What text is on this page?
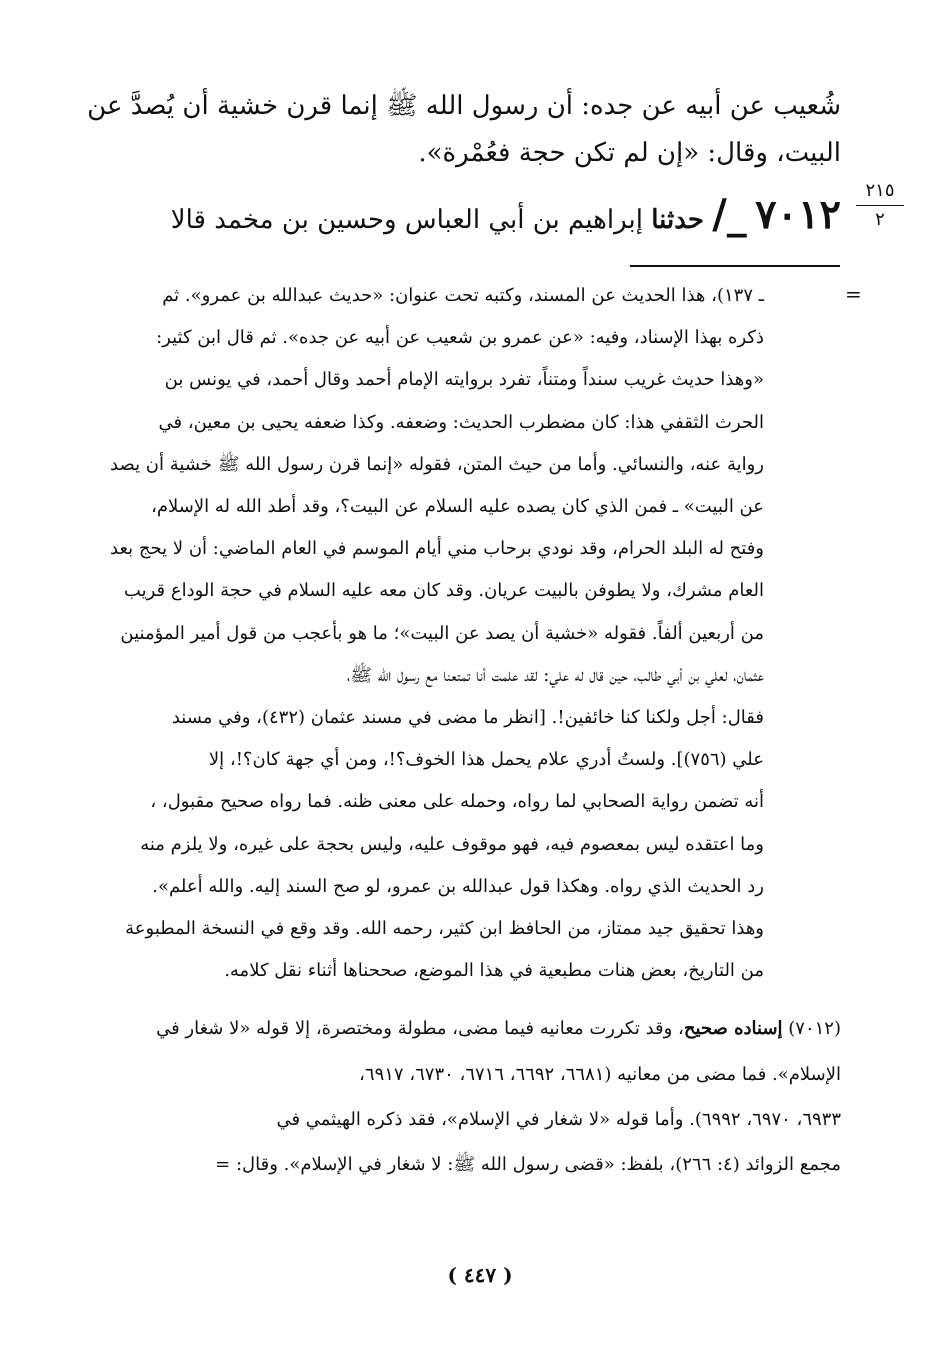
شُعيب عن أبيه عن جده: أن رسول الله ﷺ إنما قرن خشية أن يُصدَّ عن
البيت، وقال: «إن لم تكن حجة فعُمْرة».
٧٠١٢ _/ حدثنا إبراهيم بن أبي العباس وحسين بن مخمد قالا
٢١٥
٢
=
ـ ١٣٧)، هذا الحديث عن المسند، وكتبه تحت عنوان: «حديث عبدالله بن عمرو». ثم
ذكره بهذا الإسناد، وفيه: «عن عمرو بن شعيب عن أبيه عن جده». ثم قال ابن كثير:
«وهذا حديث غريب سنداً ومتناً، تفرد بروايته الإمام أحمد وقال أحمد، في يونس بن
الحرث الثقفي هذا: كان مضطرب الحديث: وضعفه. وكذا ضعفه يحيى بن معين، في
رواية عنه، والنسائي. وأما من حيث المتن، فقوله «إنما قرن رسول الله ﷺ خشية أن يصد
عن البيت» ـ فمن الذي كان يصده عليه السلام عن البيت؟، وقد أطد الله له الإسلام،
وفتح له البلد الحرام، وقد نودي برحاب مني أيام الموسم في العام الماضي: أن لا يحج بعد
العام مشرك، ولا يطوفن بالبيت عريان. وقد كان معه عليه السلام في حجة الوداع قريب
من أربعين ألفاً. فقوله «خشية أن يصد عن البيت»؛ ما هو بأعجب من قول أمير المؤمنين
عثمان، لعلي بن أبي طالب، حين قال له علي: لقد علمت أنا تمتعنا مع رسول الله ﷺ،
فقال: أجل ولكنا كنا خائفين!. [انظر ما مضى في مسند عثمان (٤٣٢)، وفي مسند
علي (٧٥٦)]. ولستُ أدري علام يحمل هذا الخوف؟!، ومن أي جهة كان؟!، إلا
أنه تضمن رواية الصحابي لما رواه، وحمله على معنى ظنه. فما رواه صحيح مقبول، ،
وما اعتقده ليس بمعصوم فيه، فهو موقوف عليه، وليس بحجة على غيره، ولا يلزم منه
رد الحديث الذي رواه. وهكذا قول عبدالله بن عمرو، لو صح السند إليه. والله أعلم».
وهذا تحقيق جيد ممتاز، من الحافظ ابن كثير، رحمه الله. وقد وقع في النسخة المطبوعة
من التاريخ، بعض هنات مطبعية في هذا الموضع، صححناها أثناء نقل كلامه.
(٧٠١٢) إسناده صحيح، وقد تكررت معانيه فيما مضى، مطولة ومختصرة، إلا قوله «لا شغار في
الإسلام». فما مضى من معانيه (٦٦٨١، ٦٦٩٢، ٦٧١٦، ٦٧٣٠، ٦٩١٧،
٦٩٣٣، ٦٩٧٠، ٦٩٩٢). وأما قوله «لا شغار في الإسلام»، فقد ذكره الهيثمي في
مجمع الزوائد (٤: ٢٦٦)، بلفظ: «قضى رسول الله ﷺ: لا شغار في الإسلام». وقال: =
( ٤٤٧ )
